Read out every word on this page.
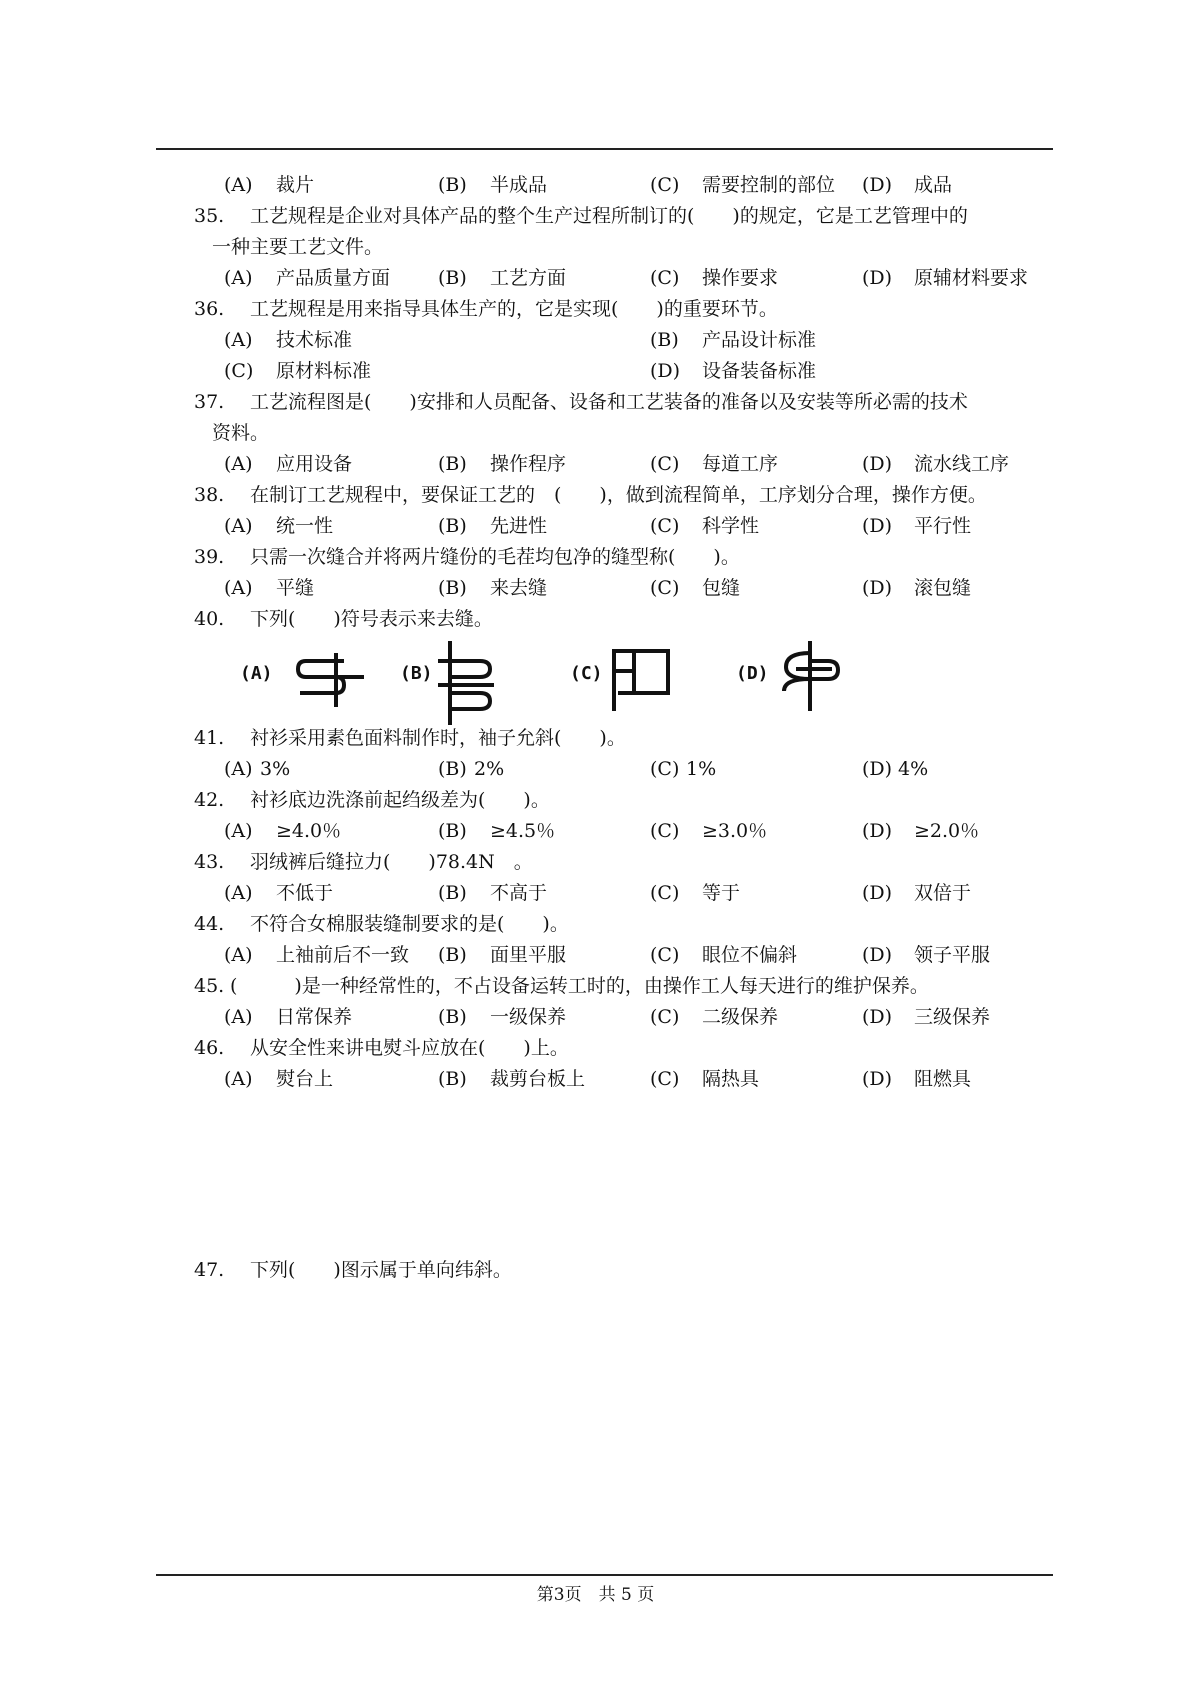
(A) 裁片	(B) 半成品	(C) 需要控制的部位 (D) 成品
35. 工艺规程是企业对具体产品的整个生产过程所制订的(　　)的规定，它是工艺管理中的
一种主要工艺文件。
(A) 产品质量方面	(B) 工艺方面	(C) 操作要求	(D) 原辅材料要求
36. 工艺规程是用来指导具体生产的，它是实现(　　)的重要环节。
(A) 技术标准	(B) 产品设计标准
(C) 原材料标准	(D) 设备装备标准
37. 工艺流程图是(　　)安排和人员配备、设备和工艺装备的准备以及安装等所必需的技术
资料。
(A) 应用设备	(B) 操作程序	(C) 每道工序	(D) 流水线工序
38. 在制订工艺规程中，要保证工艺的　(　　)，做到流程简单，工序划分合理，操作方便。
(A) 统一性	(B) 先进性	(C) 科学性	(D) 平行性
39. 只需一次缝合并将两片缝份的毛茬均包净的缝型称(　　)。
(A) 平缝	(B) 来去缝	(C) 包缝	(D) 滚包缝
40. 下列(　　)符号表示来去缝。
(A)	(B)	(C)	(D)
41. 衬衫采用素色面料制作时，袖子允斜(　　)。
(A) 3%	(B) 2%	(C) 1%	(D) 4%
42. 衬衫底边洗涤前起绉级差为(　　)。
(A) ≥4.0％	(B) ≥4.5％	(C) ≥3.0％	(D) ≥2.0％
43. 羽绒裤后缝拉力(　　)78.4N　。
(A) 不低于	(B) 不高于	(C) 等于	(D) 双倍于
44. 不符合女棉服装缝制要求的是(　　)。
(A) 上袖前后不一致 (B) 面里平服	(C) 眼位不偏斜	(D) 领子平服
45. (　　　)是一种经常性的，不占设备运转工时的，由操作工人每天进行的维护保养。
(A) 日常保养	(B) 一级保养	(C) 二级保养	(D) 三级保养
46. 从安全性来讲电熨斗应放在(　　)上。
(A) 熨台上	(B) 裁剪台板上	(C) 隔热具	(D) 阻燃具
47. 下列(　　)图示属于单向纬斜。
第3页　共 5 页
